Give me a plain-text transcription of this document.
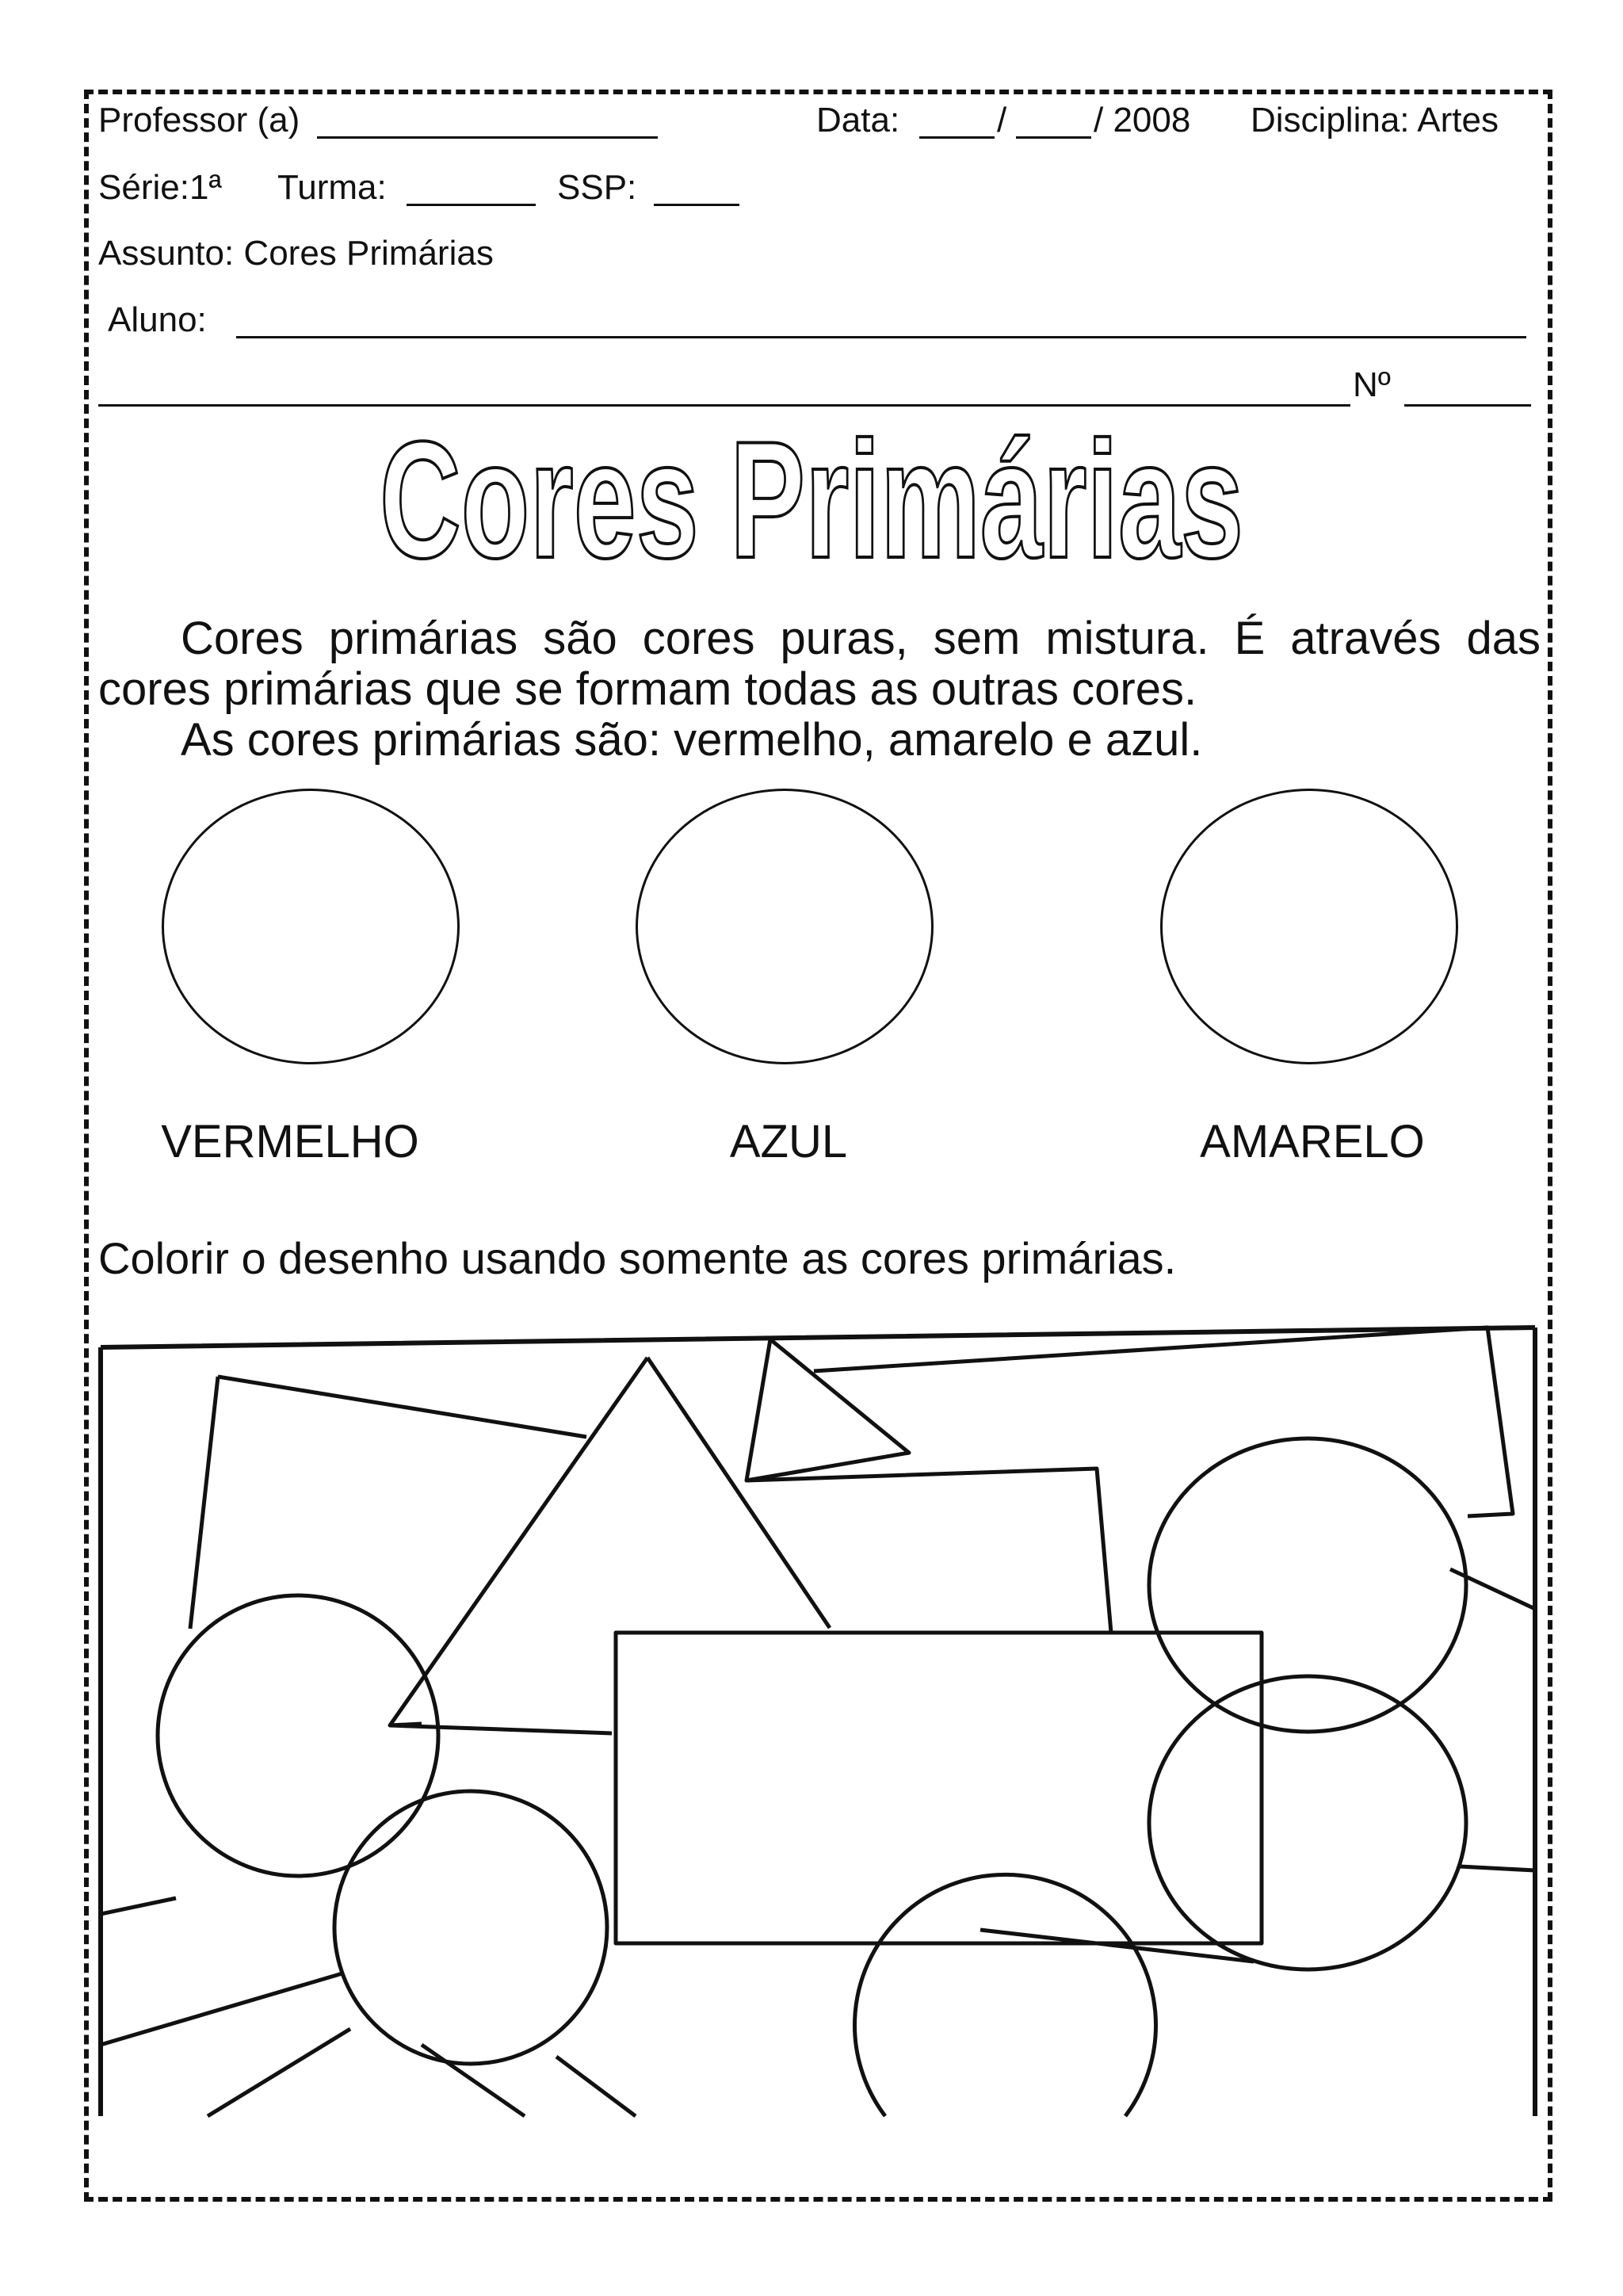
Professor (a)	Data:	/ / 2008 Disciplina: Artes
Série:1ª Turma:	SSP:
Assunto: Cores Primárias
Aluno:
Nº
Cores Primárias
Cores primárias são cores puras, sem mistura. É através das cores primárias que se formam todas as outras cores.
As cores primárias são: vermelho, amarelo e azul.
VERMELHO	AZUL	AMARELO
Colorir o desenho usando somente as cores primárias.
